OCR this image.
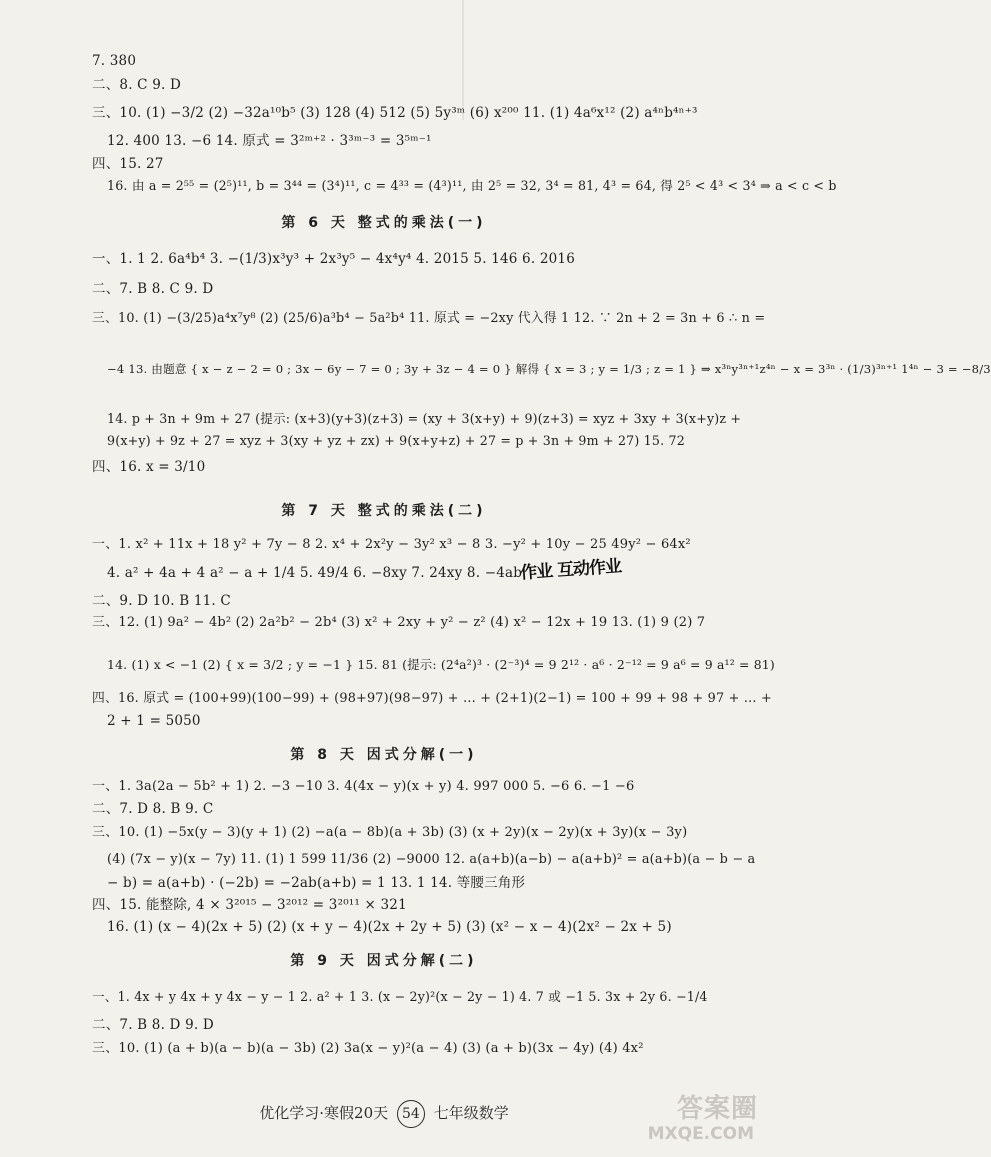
7. 380
二、8. C 9. D
三、10. (1) −3/2 (2) −32a¹⁰b⁵ (3) 128 (4) 512 (5) 5y³ᵐ (6) x²⁰⁰ 11. (1) 4a⁶x¹² (2) a⁴ⁿb⁴ⁿ⁺³
12. 400 13. −6 14. 原式 = 3²ᵐ⁺² · 3³ᵐ⁻³ = 3⁵ᵐ⁻¹
四、15. 27
16. 由 a = 2⁵⁵ = (2⁵)¹¹, b = 3⁴⁴ = (3⁴)¹¹, c = 4³³ = (4³)¹¹, 由 2⁵ = 32, 3⁴ = 81, 4³ = 64, 得 2⁵ < 4³ < 3⁴ ⇒ a < c < b
第 6 天 整式的乘法(一)
一、1. 1 2. 6a⁴b⁴ 3. −(1/3)x³y³ + 2x³y⁵ − 4x⁴y⁴ 4. 2015 5. 146 6. 2016
二、7. B 8. C 9. D
三、10. (1) −(3/25)a⁴x⁷y⁸ (2) (25/6)a³b⁴ − 5a²b⁴ 11. 原式 = −2xy 代入得 1 12. ∵ 2n + 2 = 3n + 6 ∴ n =
−4 13. 由题意 { x − z − 2 = 0 ; 3x − 6y − 7 = 0 ; 3y + 3z − 4 = 0 } 解得 { x = 3 ; y = 1/3 ; z = 1 } ⇒ x³ⁿy³ⁿ⁺¹z⁴ⁿ − x = 3³ⁿ · (1/3)³ⁿ⁺¹ 1⁴ⁿ − 3 = −8/3
14. p + 3n + 9m + 27 (提示: (x+3)(y+3)(z+3) = (xy + 3(x+y) + 9)(z+3) = xyz + 3xy + 3(x+y)z +
9(x+y) + 9z + 27 = xyz + 3(xy + yz + zx) + 9(x+y+z) + 27 = p + 3n + 9m + 27) 15. 72
四、16. x = 3/10
第 7 天 整式的乘法(二)
一、1. x² + 11x + 18 y² + 7y − 8 2. x⁴ + 2x²y − 3y² x³ − 8 3. −y² + 10y − 25 49y² − 64x²
4. a² + 4a + 4 a² − a + 1/4 5. 49/4 6. −8xy 7. 24xy 8. −4ab
作业 互动作业
二、9. D 10. B 11. C
三、12. (1) 9a² − 4b² (2) 2a²b² − 2b⁴ (3) x² + 2xy + y² − z² (4) x² − 12x + 19 13. (1) 9 (2) 7
14. (1) x < −1 (2) { x = 3/2 ; y = −1 } 15. 81 (提示: (2⁴a²)³ · (2⁻³)⁴ = 9 2¹² · a⁶ · 2⁻¹² = 9 a⁶ = 9 a¹² = 81)
四、16. 原式 = (100+99)(100−99) + (98+97)(98−97) + … + (2+1)(2−1) = 100 + 99 + 98 + 97 + … +
2 + 1 = 5050
第 8 天 因式分解(一)
一、1. 3a(2a − 5b² + 1) 2. −3 −10 3. 4(4x − y)(x + y) 4. 997 000 5. −6 6. −1 −6
二、7. D 8. B 9. C
三、10. (1) −5x(y − 3)(y + 1) (2) −a(a − 8b)(a + 3b) (3) (x + 2y)(x − 2y)(x + 3y)(x − 3y)
(4) (7x − y)(x − 7y) 11. (1) 1 599 11/36 (2) −9000 12. a(a+b)(a−b) − a(a+b)² = a(a+b)(a − b − a
− b) = a(a+b) · (−2b) = −2ab(a+b) = 1 13. 1 14. 等腰三角形
四、15. 能整除, 4 × 3²⁰¹⁵ − 3²⁰¹² = 3²⁰¹¹ × 321
16. (1) (x − 4)(2x + 5) (2) (x + y − 4)(2x + 2y + 5) (3) (x² − x − 4)(2x² − 2x + 5)
第 9 天 因式分解(二)
一、1. 4x + y 4x + y 4x − y − 1 2. a² + 1 3. (x − 2y)²(x − 2y − 1) 4. 7 或 −1 5. 3x + 2y 6. −1/4
二、7. B 8. D 9. D
三、10. (1) (a + b)(a − b)(a − 3b) (2) 3a(x − y)²(a − 4) (3) (a + b)(3x − 4y) (4) 4x²
优化学习·寒假20天 54 七年级数学	答案圈
MXQE.COM
